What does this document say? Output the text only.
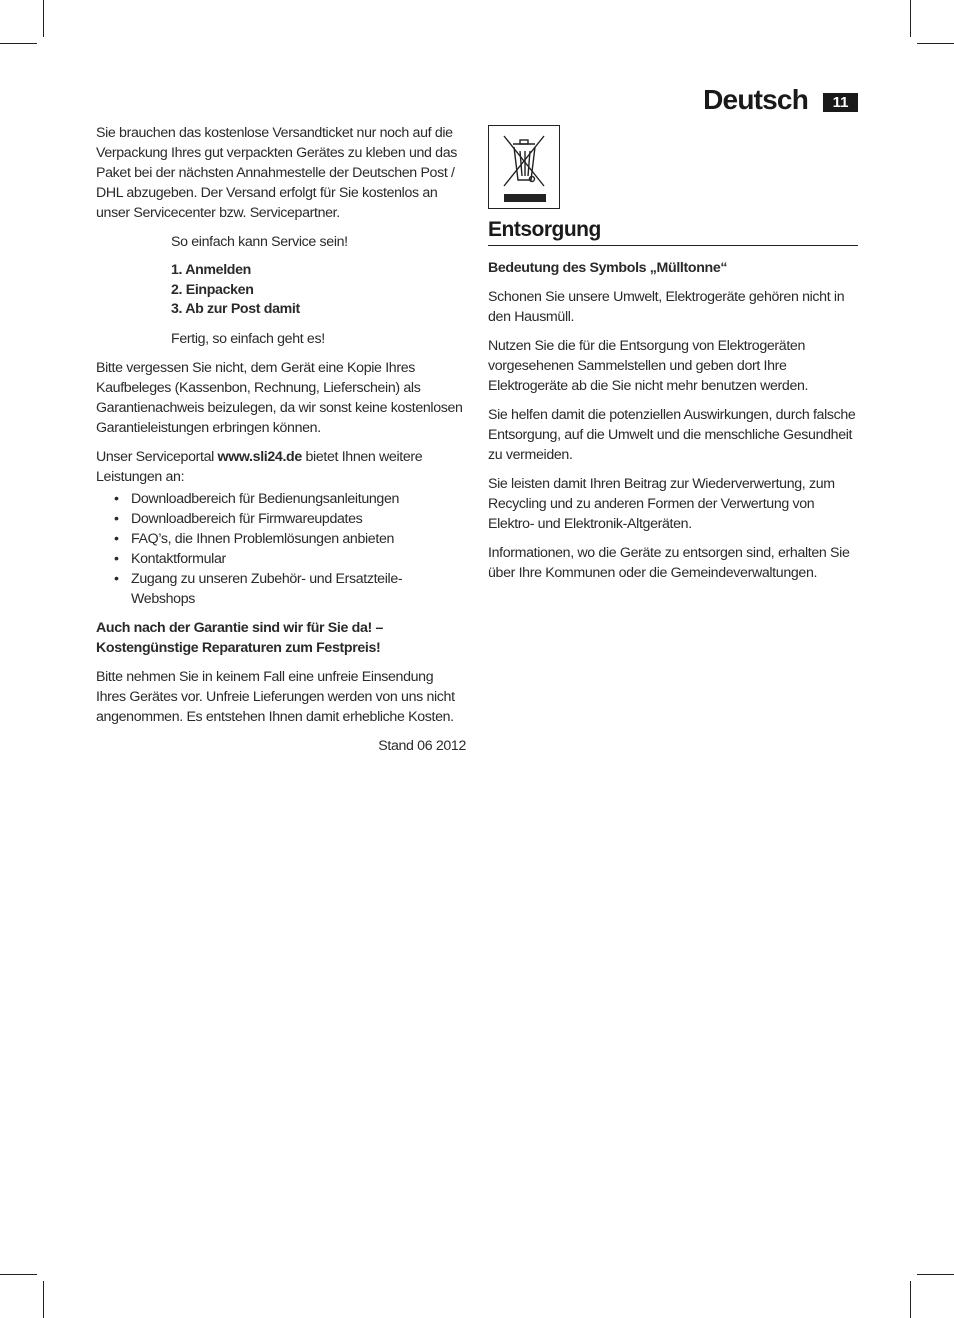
Deutsch	11

Sie brauchen das kostenlose Versandticket nur noch auf die Verpackung Ihres gut verpackten Gerätes zu kleben und das Paket bei der nächsten Annahmestelle der Deutschen Post / DHL abzugeben. Der Versand erfolgt für Sie kostenlos an unser Servicecenter bzw. Servicepartner.

So einfach kann Service sein!

1. Anmelden
2. Einpacken
3. Ab zur Post damit

Fertig, so einfach geht es!

Bitte vergessen Sie nicht, dem Gerät eine Kopie Ihres Kaufbeleges (Kassenbon, Rechnung, Lieferschein) als Garantienachweis beizulegen, da wir sonst keine kostenlosen Garantieleistungen erbringen können.

Unser Serviceportal www.sli24.de bietet Ihnen weitere Leistungen an:

• Downloadbereich für Bedienungsanleitungen
• Downloadbereich für Firmwareupdates
• FAQ’s, die Ihnen Problemlösungen anbieten
• Kontaktformular
• Zugang zu unseren Zubehör- und Ersatzteile-Webshops

Auch nach der Garantie sind wir für Sie da! – Kostengünstige Reparaturen zum Festpreis!

Bitte nehmen Sie in keinem Fall eine unfreie Einsendung Ihres Gerätes vor. Unfreie Lieferungen werden von uns nicht angenommen. Es entstehen Ihnen damit erhebliche Kosten.

Stand 06 2012

Entsorgung

Bedeutung des Symbols „Mülltonne“

Schonen Sie unsere Umwelt, Elektrogeräte gehören nicht in den Hausmüll.

Nutzen Sie die für die Entsorgung von Elektrogeräten vorgesehenen Sammelstellen und geben dort Ihre Elektrogeräte ab die Sie nicht mehr benutzen werden.

Sie helfen damit die potenziellen Auswirkungen, durch falsche Entsorgung, auf die Umwelt und die menschliche Gesundheit zu vermeiden.

Sie leisten damit Ihren Beitrag zur Wiederverwertung, zum Recycling und zu anderen Formen der Verwertung von Elektro- und Elektronik-Altgeräten.

Informationen, wo die Geräte zu entsorgen sind, erhalten Sie über Ihre Kommunen oder die Gemeindeverwaltungen.
